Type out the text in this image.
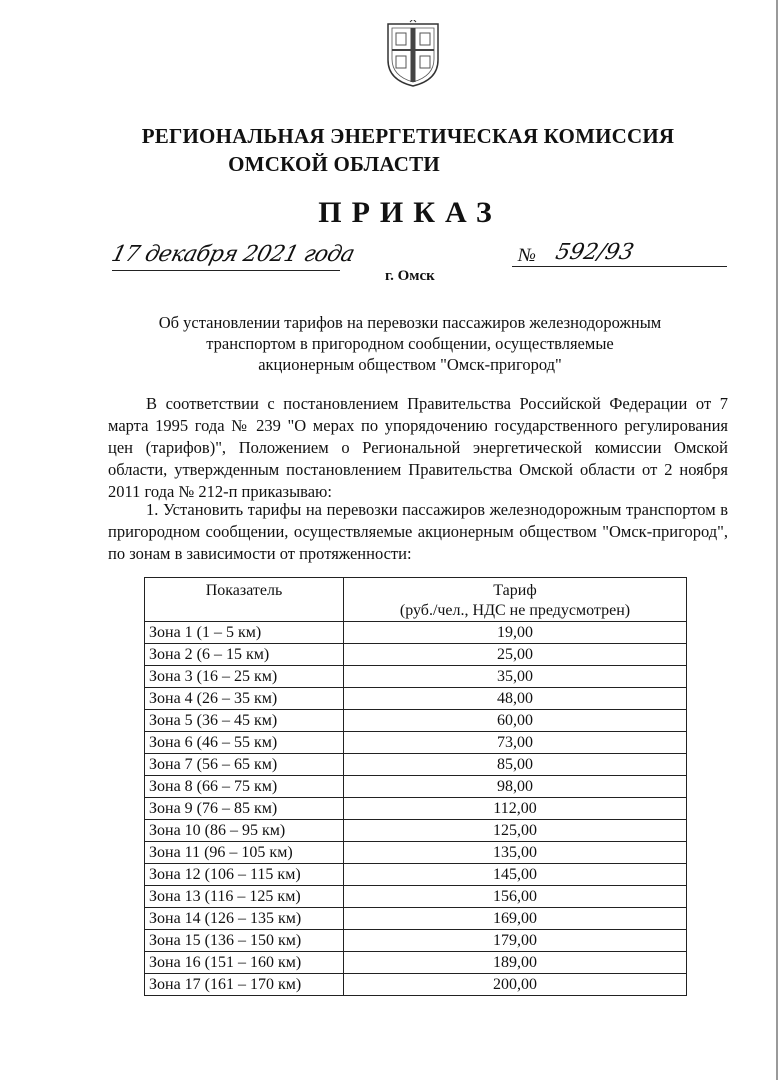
РЕГИОНАЛЬНАЯ ЭНЕРГЕТИЧЕСКАЯ КОМИССИЯ
ОМСКОЙ ОБЛАСТИ
ПРИКАЗ
17 декабря 2021 года
г. Омск
№ 592/93
Об установлении тарифов на перевозки пассажиров железнодорожным
транспортом в пригородном сообщении, осуществляемые
акционерным обществом "Омск-пригород"
В соответствии с постановлением Правительства Российской Федерации от 7 марта 1995 года № 239 "О мерах по упорядочению государственного регулирования цен (тарифов)", Положением о Региональной энергетической комиссии Омской области, утвержденным постановлением Правительства Омской области от 2 ноября 2011 года № 212-п приказываю:
1. Установить тарифы на перевозки пассажиров железнодорожным транспортом в пригородном сообщении, осуществляемые акционерным обществом "Омск-пригород", по зонам в зависимости от протяженности:
Показатель	Тариф
(руб./чел., НДС не предусмотрен)

Зона 1 (1 – 5 км)	19,00
Зона 2 (6 – 15 км)	25,00
Зона 3 (16 – 25 км)	35,00
Зона 4 (26 – 35 км)	48,00
Зона 5 (36 – 45 км)	60,00
Зона 6 (46 – 55 км)	73,00
Зона 7 (56 – 65 км)	85,00
Зона 8 (66 – 75 км)	98,00
Зона 9 (76 – 85 км)	112,00
Зона 10 (86 – 95 км)	125,00
Зона 11 (96 – 105 км)	135,00
Зона 12 (106 – 115 км)	145,00
Зона 13 (116 – 125 км)	156,00
Зона 14 (126 – 135 км)	169,00
Зона 15 (136 – 150 км)	179,00
Зона 16 (151 – 160 км)	189,00
Зона 17 (161 – 170 км)	200,00
